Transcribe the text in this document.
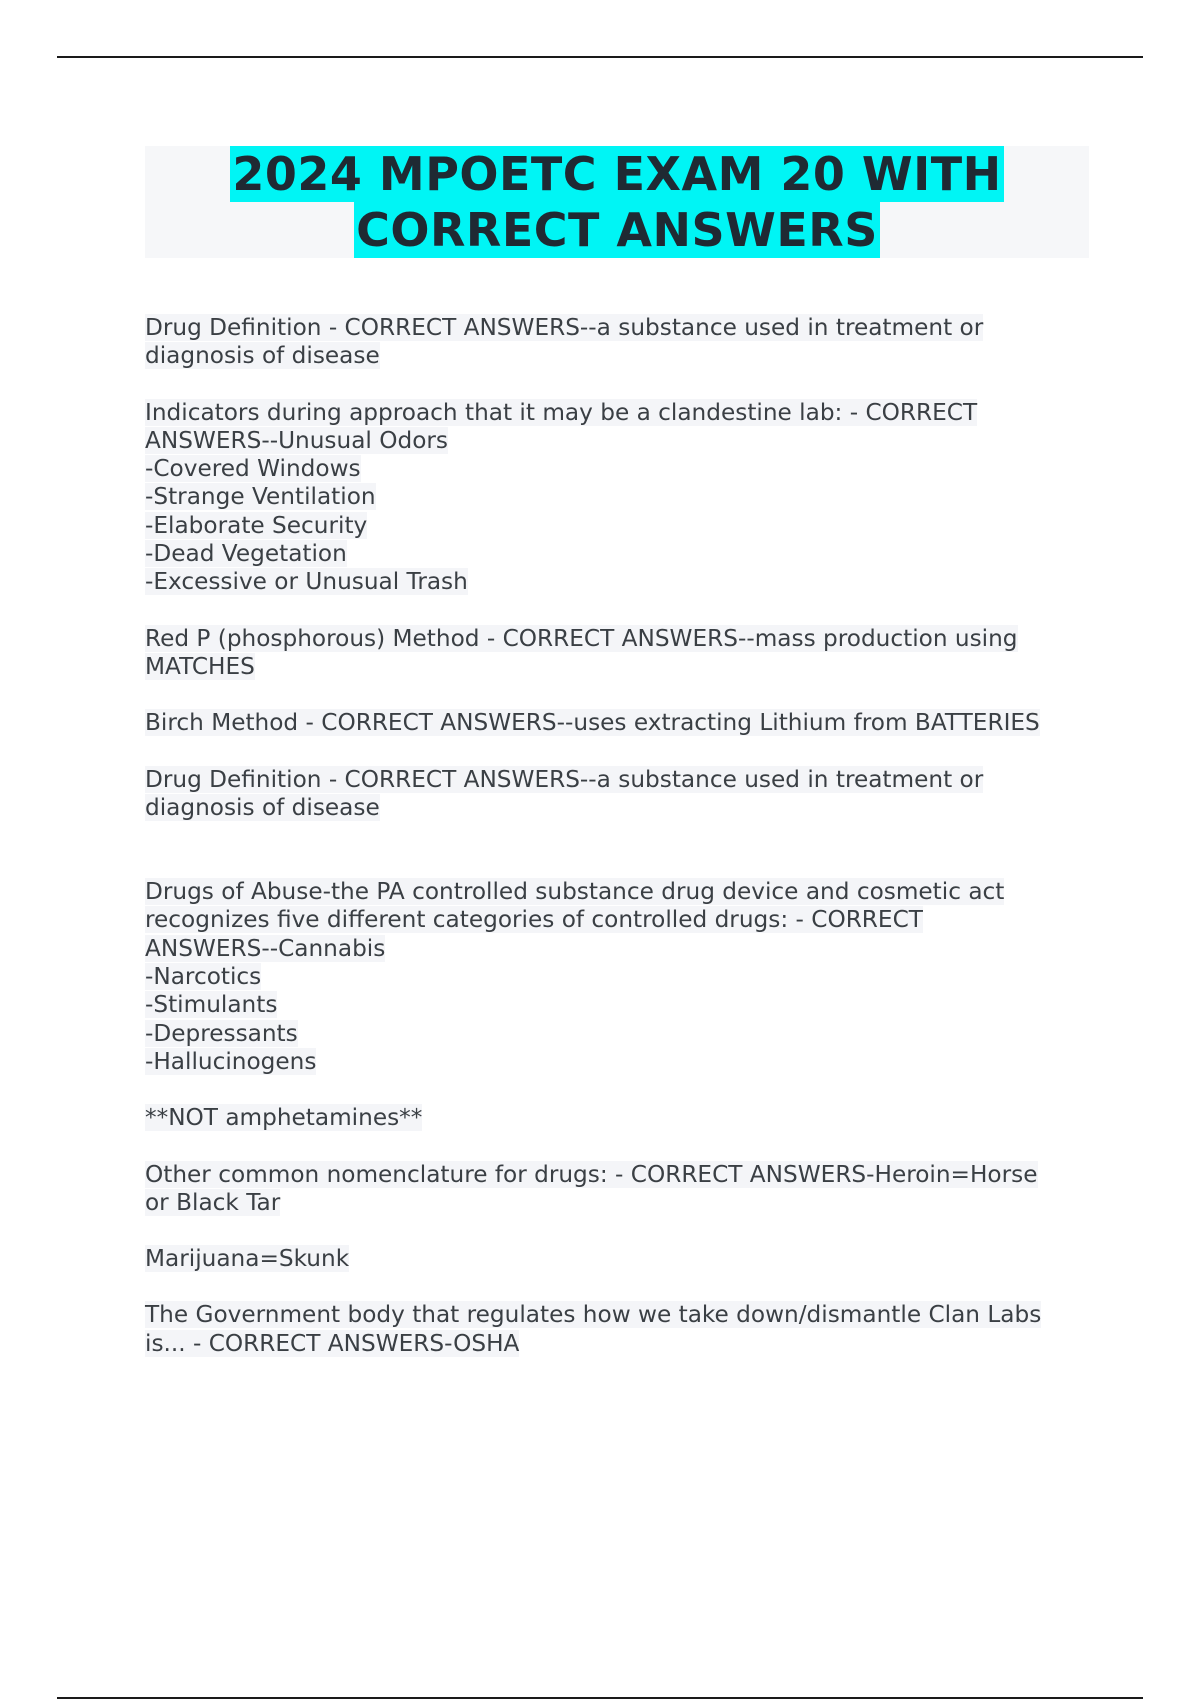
2024 MPOETC EXAM 20 WITH
CORRECT ANSWERS

Drug Definition - CORRECT ANSWERS--a substance used in treatment or
diagnosis of disease

Indicators during approach that it may be a clandestine lab: - CORRECT
ANSWERS--Unusual Odors
-Covered Windows
-Strange Ventilation
-Elaborate Security
-Dead Vegetation
-Excessive or Unusual Trash

Red P (phosphorous) Method - CORRECT ANSWERS--mass production using
MATCHES

Birch Method - CORRECT ANSWERS--uses extracting Lithium from BATTERIES

Drug Definition - CORRECT ANSWERS--a substance used in treatment or
diagnosis of disease

Drugs of Abuse-the PA controlled substance drug device and cosmetic act
recognizes five different categories of controlled drugs: - CORRECT
ANSWERS--Cannabis
-Narcotics
-Stimulants
-Depressants
-Hallucinogens

**NOT amphetamines**

Other common nomenclature for drugs: - CORRECT ANSWERS-Heroin=Horse
or Black Tar

Marijuana=Skunk

The Government body that regulates how we take down/dismantle Clan Labs
is... - CORRECT ANSWERS-OSHA
